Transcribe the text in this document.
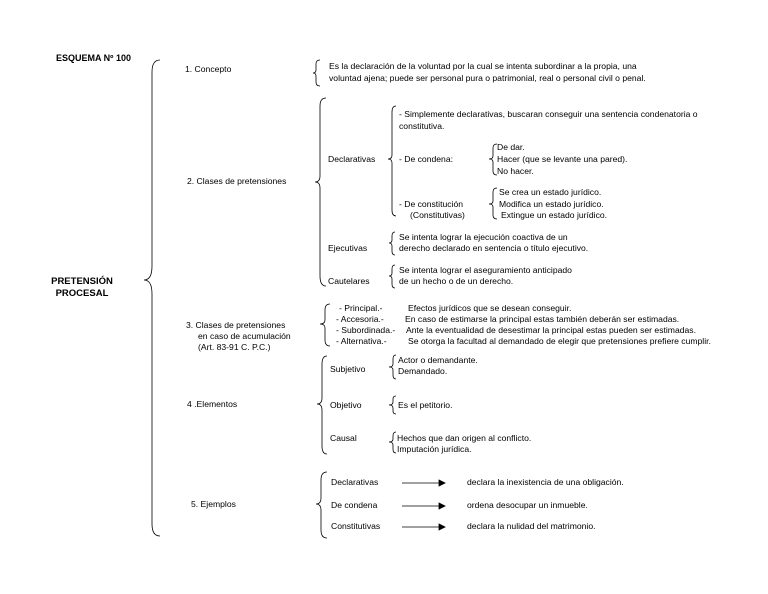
ESQUEMA Nº 100
PRETENSIÓN
PROCESAL
1. Concepto	Es la declaración de la voluntad por la cual se intenta subordinar a la propia, una
voluntad ajena; puede ser personal pura o patrimonial, real o personal civil o penal.
2. Clases de pretensiones
Declarativas
- Simplemente declarativas, buscaran conseguir una sentencia condenatoria o
constitutiva.
- De condena:
De dar.
Hacer (que se levante una pared).
No hacer.
- De constitución
(Constitutivas)
Se crea un estado jurídico.
Modifica un estado jurídico.
Extingue un estado jurídico.
Ejecutivas
Se intenta lograr la ejecución coactiva de un
derecho declarado en sentencia o título ejecutivo.
Cautelares
Se intenta lograr el aseguramiento anticipado
de un hecho o de un derecho.
3. Clases de pretensiones
en caso de acumulación
(Art. 83-91 C. P.C.)
- Principal.-	Efectos jurídicos que se desean conseguir.
- Accesoria.- En caso de estimarse la principal estas también deberán ser estimadas.
- Subordinada.- Ante la eventualidad de desestimar la principal estas pueden ser estimadas.
- Alternativa.- Se otorga la facultad al demandado de elegir que pretensiones prefiere cumplir.
4 .Elementos
Subjetivo
Actor o demandante.
Demandado.
Objetivo	Es el petitorio.
Causal	Hechos que dan origen al conflicto.
Imputación jurídica.
5. Ejemplos
Declarativas	declara la inexistencia de una obligación.
De condena	ordena desocupar un inmueble.
Constitutivas	declara la nulidad del matrimonio.
